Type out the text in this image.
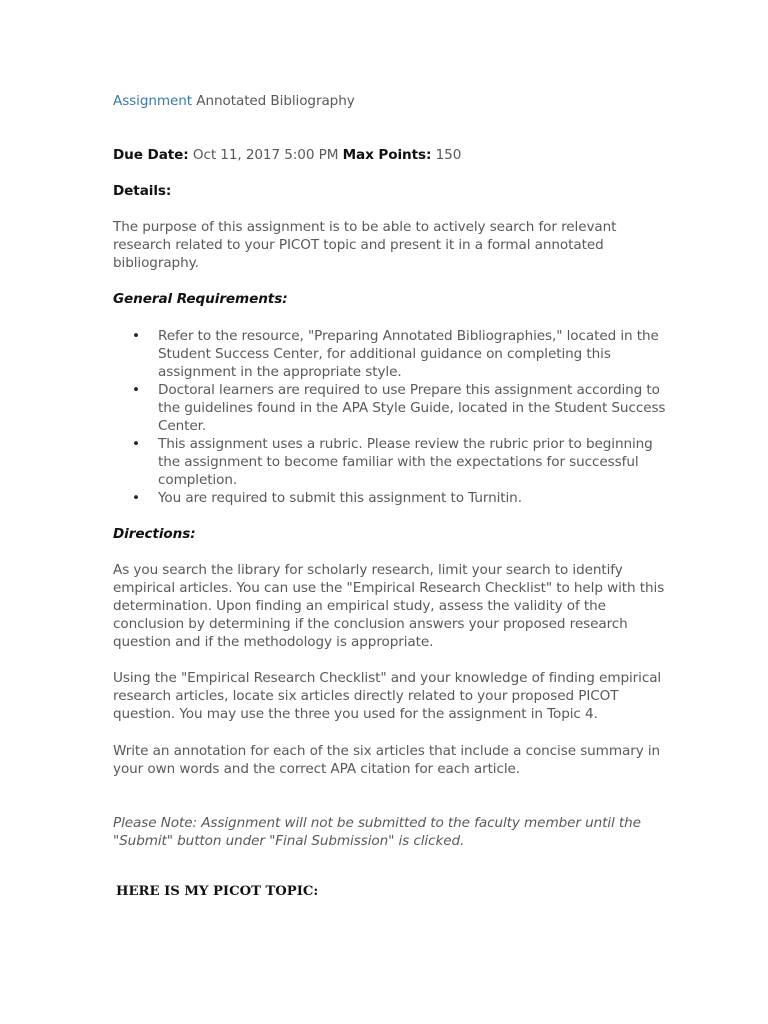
Assignment Annotated Bibliography
Due Date: Oct 11, 2017 5:00 PM Max Points: 150
Details:

The purpose of this assignment is to be able to actively search for relevant research related to your PICOT topic and present it in a formal annotated bibliography.

General Requirements:
• Refer to the resource, "Preparing Annotated Bibliographies," located in the Student Success Center, for additional guidance on completing this assignment in the appropriate style.
• Doctoral learners are required to use Prepare this assignment according to the guidelines found in the APA Style Guide, located in the Student Success Center.
• This assignment uses a rubric. Please review the rubric prior to beginning the assignment to become familiar with the expectations for successful completion.
• You are required to submit this assignment to Turnitin.
Directions:

As you search the library for scholarly research, limit your search to identify empirical articles. You can use the "Empirical Research Checklist" to help with this determination. Upon finding an empirical study, assess the validity of the conclusion by determining if the conclusion answers your proposed research question and if the methodology is appropriate.

Using the "Empirical Research Checklist" and your knowledge of finding empirical research articles, locate six articles directly related to your proposed PICOT question. You may use the three you used for the assignment in Topic 4.

Write an annotation for each of the six articles that include a concise summary in your own words and the correct APA citation for each article.

Please Note: Assignment will not be submitted to the faculty member until the "Submit" button under "Final Submission" is clicked.

HERE IS MY PICOT TOPIC:
